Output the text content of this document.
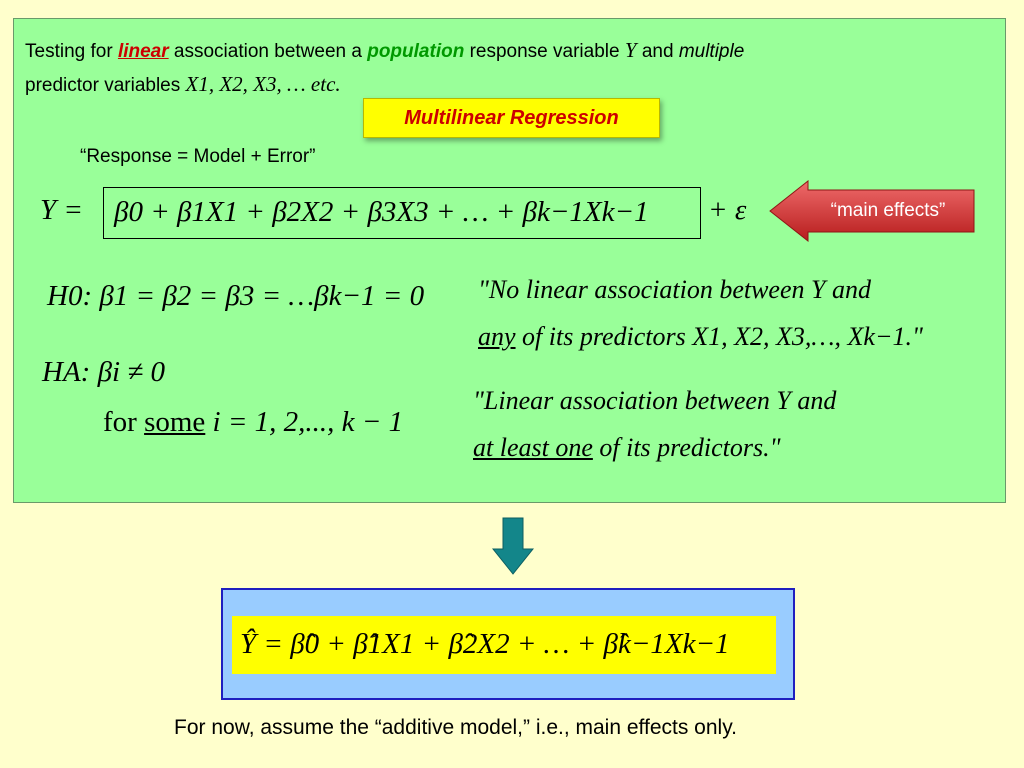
Testing for linear association between a population response variable Y and multiple
predictor variables X1, X2, X3, … etc.
Multilinear Regression
“Response = Model + Error”
Y =	β0 + β1X1 + β2X2 + β3X3 + … + βk−1Xk−1	+ ε	“main effects”
H0: β1 = β2 = β3 = …βk−1 = 0 "No linear association between Y and
any of its predictors X1, X2, X3,…, Xk−1."
HA: βi ≠ 0
for some i = 1, 2,..., k − 1
"Linear association between Y and
at least one of its predictors."
Ŷ = β̂0 + β̂1X1 + β̂2X2 + … + β̂k−1Xk−1
For now, assume the “additive model,” i.e., main effects only.
